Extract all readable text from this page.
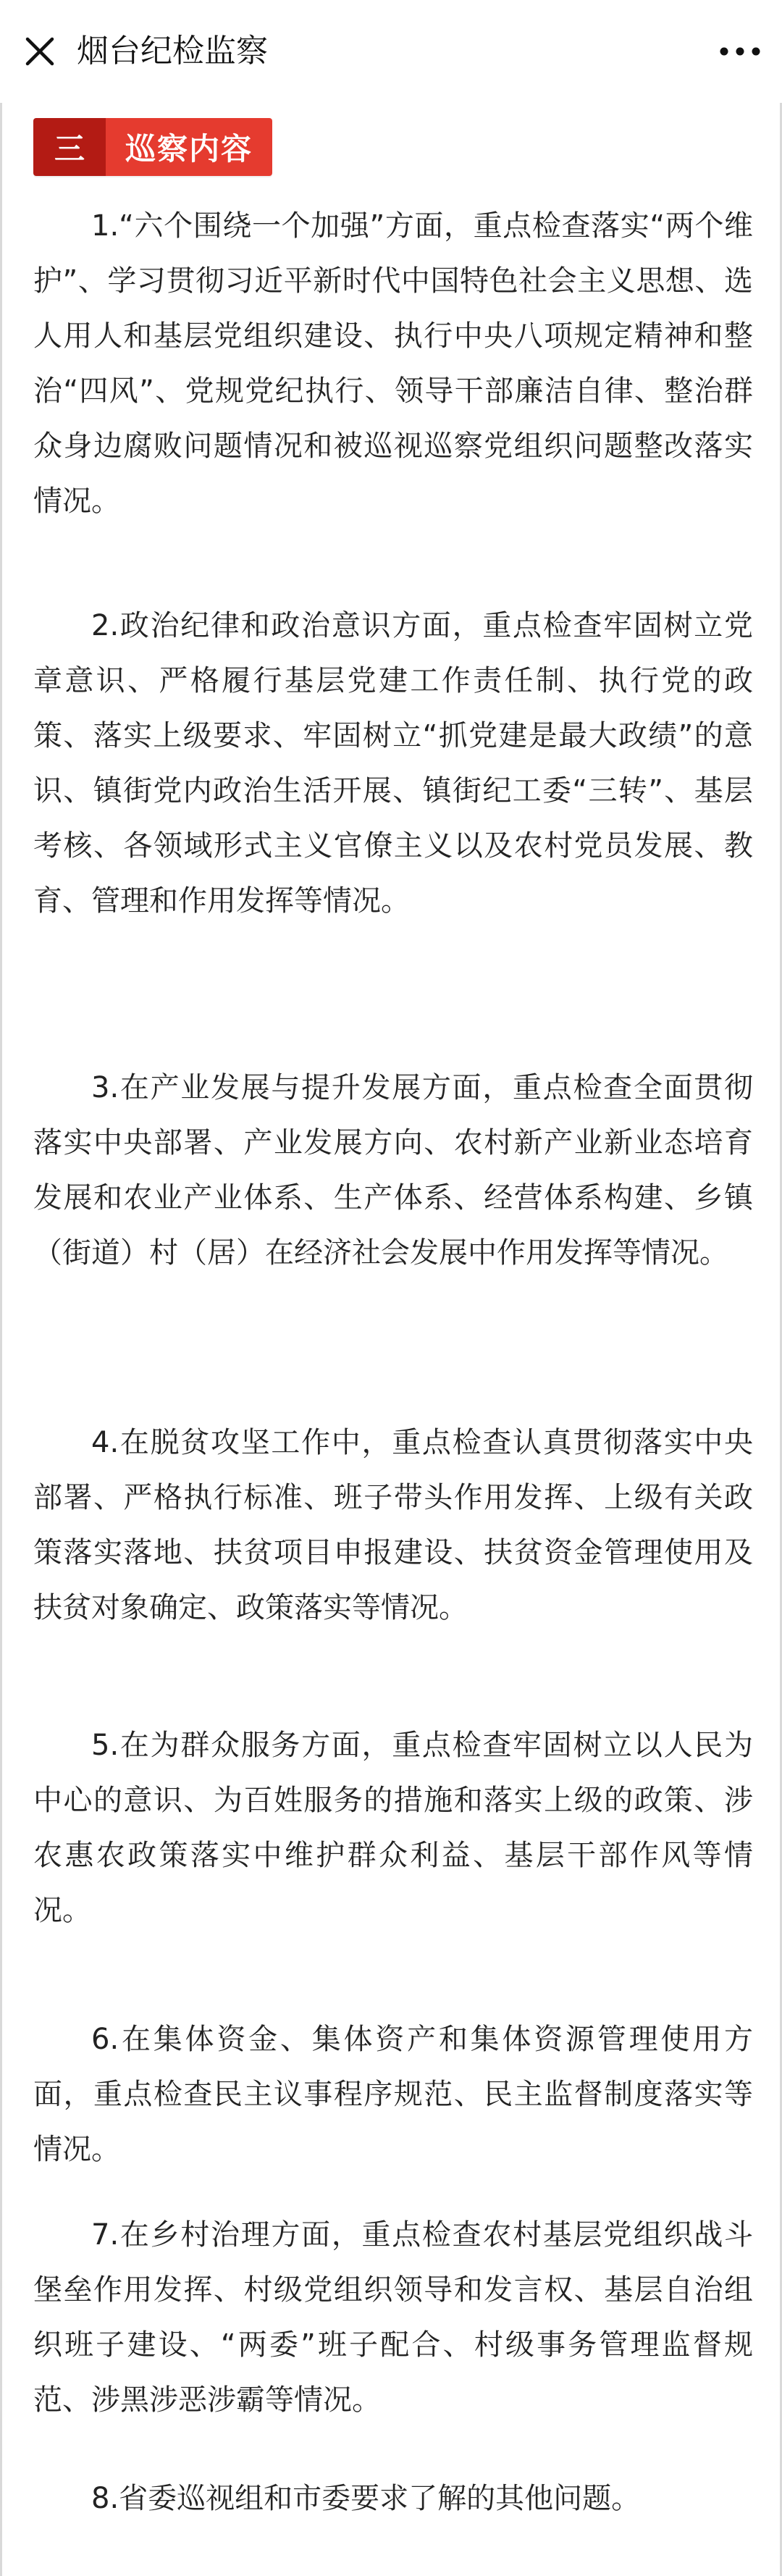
烟台纪检监察
三	巡察内容

1.“六个围绕一个加强”方面，重点检查落实“两个维护”、学习贯彻习近平新时代中国特色社会主义思想、选人用人和基层党组织建设、执行中央八项规定精神和整治“四风”、党规党纪执行、领导干部廉洁自律、整治群众身边腐败问题情况和被巡视巡察党组织问题整改落实情况。

2.政治纪律和政治意识方面，重点检查牢固树立党章意识、严格履行基层党建工作责任制、执行党的政策、落实上级要求、牢固树立“抓党建是最大政绩”的意识、镇街党内政治生活开展、镇街纪工委“三转”、基层考核、各领域形式主义官僚主义以及农村党员发展、教育、管理和作用发挥等情况。

3.在产业发展与提升发展方面，重点检查全面贯彻落实中央部署、产业发展方向、农村新产业新业态培育发展和农业产业体系、生产体系、经营体系构建、乡镇（街道）村（居）在经济社会发展中作用发挥等情况。

4.在脱贫攻坚工作中，重点检查认真贯彻落实中央部署、严格执行标准、班子带头作用发挥、上级有关政策落实落地、扶贫项目申报建设、扶贫资金管理使用及扶贫对象确定、政策落实等情况。

5.在为群众服务方面，重点检查牢固树立以人民为中心的意识、为百姓服务的措施和落实上级的政策、涉农惠农政策落实中维护群众利益、基层干部作风等情况。

6.在集体资金、集体资产和集体资源管理使用方面，重点检查民主议事程序规范、民主监督制度落实等情况。

7.在乡村治理方面，重点检查农村基层党组织战斗堡垒作用发挥、村级党组织领导和发言权、基层自治组织班子建设、“两委”班子配合、村级事务管理监督规范、涉黑涉恶涉霸等情况。

8.省委巡视组和市委要求了解的其他问题。
